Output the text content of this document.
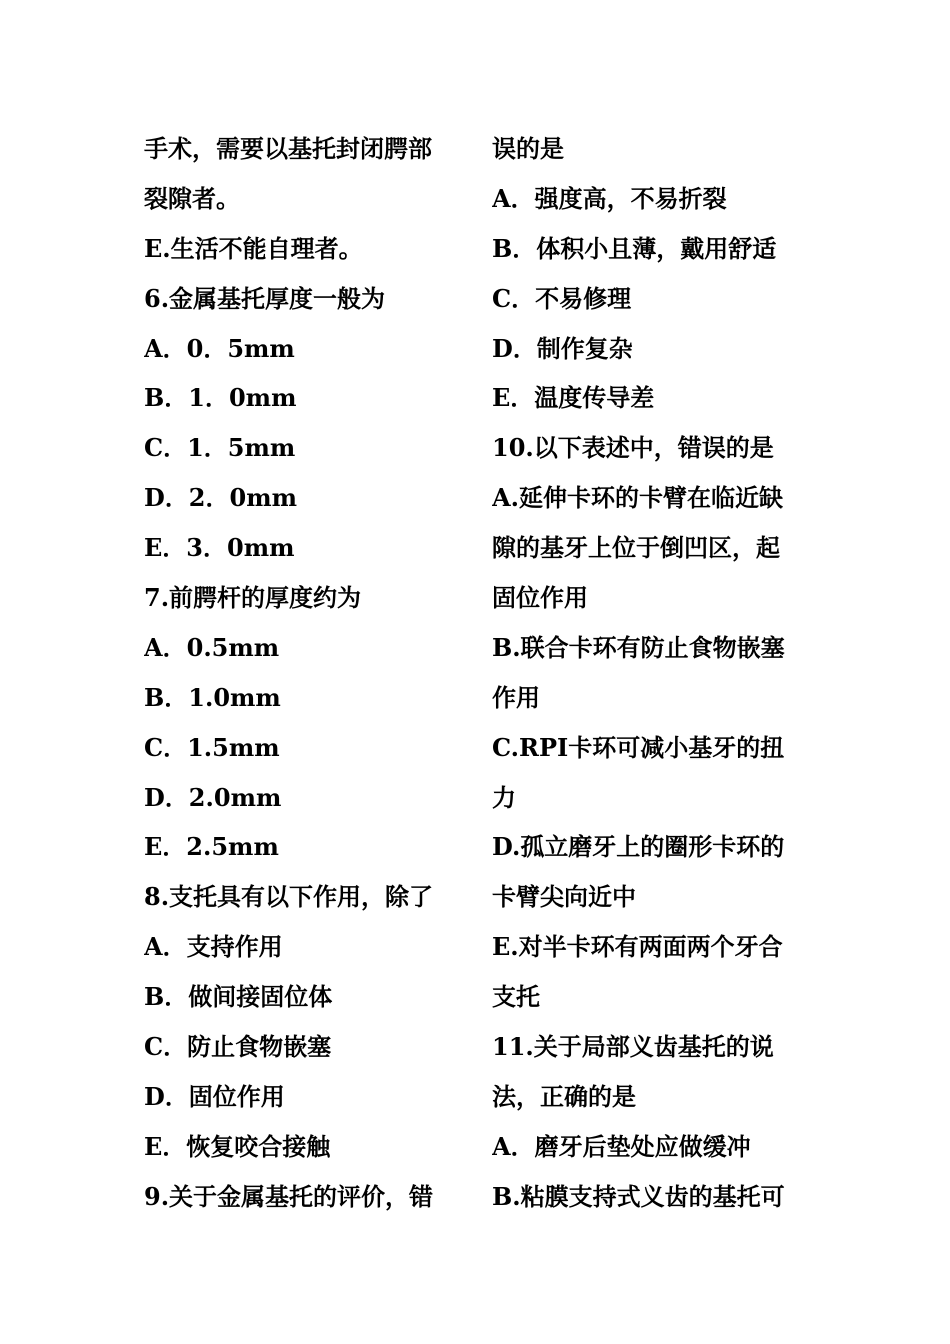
手术，需要以基托封闭腭部
裂隙者。
E.生活不能自理者。
6.金属基托厚度一般为
A．0．5mm
B．1．0mm
C．1．5mm
D．2．0mm
E．3．0mm
7.前腭杆的厚度约为
A．0.5mm
B．1.0mm
C．1.5mm
D．2.0mm
E．2.5mm
8.支托具有以下作用，除了
A．支持作用
B．做间接固位体
C．防止食物嵌塞
D．固位作用
E．恢复咬合接触
9.关于金属基托的评价，错
误的是
A．强度高，不易折裂
B．体积小且薄，戴用舒适
C．不易修理
D．制作复杂
E．温度传导差
10.以下表述中，错误的是
A.延伸卡环的卡臂在临近缺
隙的基牙上位于倒凹区，起
固位作用
B.联合卡环有防止食物嵌塞
作用
C.RPI卡环可减小基牙的扭
力
D.孤立磨牙上的圈形卡环的
卡臂尖向近中
E.对半卡环有两面两个牙合
支托
11.关于局部义齿基托的说
法，正确的是
A．磨牙后垫处应做缓冲
B.粘膜支持式义齿的基托可
